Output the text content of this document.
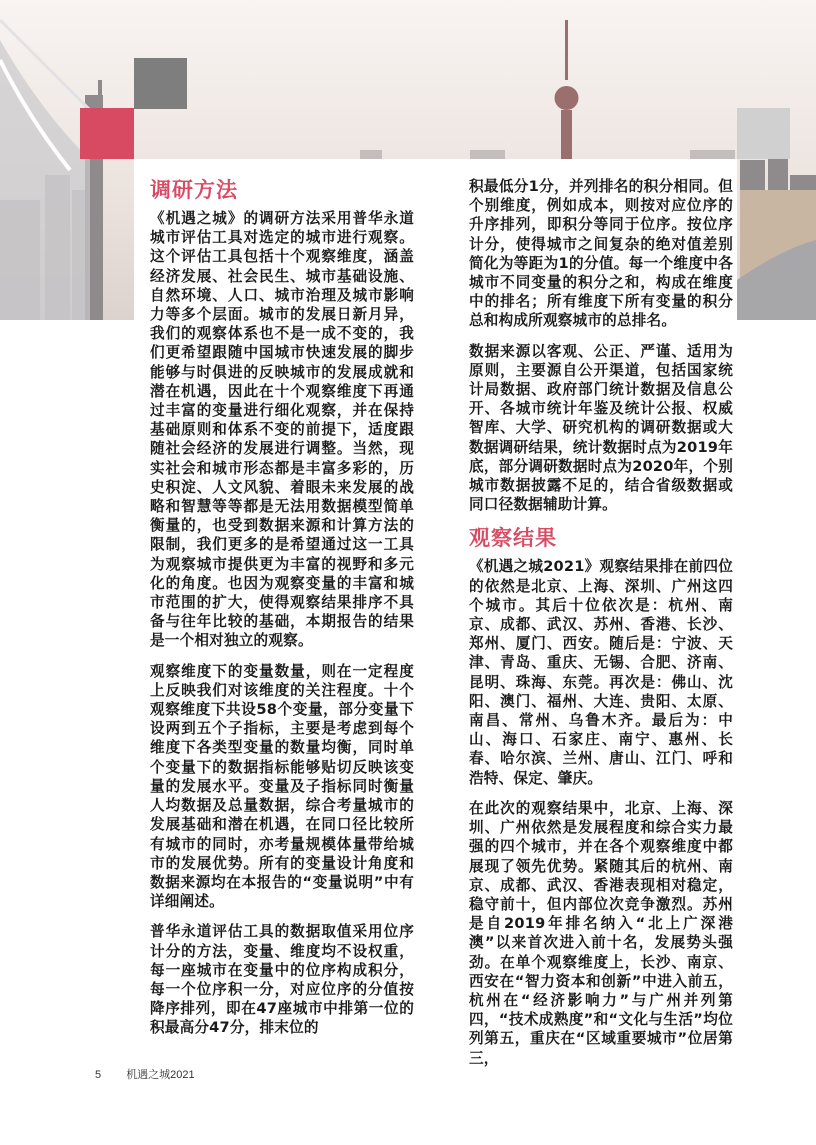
调研方法

《机遇之城》的调研方法采用普华永道城市评估工具对选定的城市进行观察。这个评估工具包括十个观察维度，涵盖经济发展、社会民生、城市基础设施、自然环境、人口、城市治理及城市影响力等多个层面。城市的发展日新月异，我们的观察体系也不是一成不变的，我们更希望跟随中国城市快速发展的脚步能够与时俱进的反映城市的发展成就和潜在机遇，因此在十个观察维度下再通过丰富的变量进行细化观察，并在保持基础原则和体系不变的前提下，适度跟随社会经济的发展进行调整。当然，现实社会和城市形态都是丰富多彩的，历史积淀、人文风貌、着眼未来发展的战略和智慧等等都是无法用数据模型简单衡量的，也受到数据来源和计算方法的限制，我们更多的是希望通过这一工具为观察城市提供更为丰富的视野和多元化的角度。也因为观察变量的丰富和城市范围的扩大，使得观察结果排序不具备与往年比较的基础，本期报告的结果是一个相对独立的观察。

观察维度下的变量数量，则在一定程度上反映我们对该维度的关注程度。十个观察维度下共设58个变量，部分变量下设两到五个子指标，主要是考虑到每个维度下各类型变量的数量均衡，同时单个变量下的数据指标能够贴切反映该变量的发展水平。变量及子指标同时衡量人均数据及总量数据，综合考量城市的发展基础和潜在机遇，在同口径比较所有城市的同时，亦考量规模体量带给城市的发展优势。所有的变量设计角度和数据来源均在本报告的“变量说明”中有详细阐述。

普华永道评估工具的数据取值采用位序计分的方法，变量、维度均不设权重，每一座城市在变量中的位序构成积分，每一个位序积一分，对应位序的分值按降序排列，即在47座城市中排第一位的积最高分47分，排末位的

积最低分1分，并列排名的积分相同。但个别维度，例如成本，则按对应位序的升序排列，即积分等同于位序。按位序计分，使得城市之间复杂的绝对值差别简化为等距为1的分值。每一个维度中各城市不同变量的积分之和，构成在维度中的排名；所有维度下所有变量的积分总和构成所观察城市的总排名。

数据来源以客观、公正、严谨、适用为原则，主要源自公开渠道，包括国家统计局数据、政府部门统计数据及信息公开、各城市统计年鉴及统计公报、权威智库、大学、研究机构的调研数据或大数据调研结果，统计数据时点为2019年底，部分调研数据时点为2020年，个别城市数据披露不足的，结合省级数据或同口径数据辅助计算。

观察结果

《机遇之城2021》观察结果排在前四位的依然是北京、上海、深圳、广州这四个城市。其后十位依次是：杭州、南京、成都、武汉、苏州、香港、长沙、郑州、厦门、西安。随后是：宁波、天津、青岛、重庆、无锡、合肥、济南、昆明、珠海、东莞。再次是：佛山、沈阳、澳门、福州、大连、贵阳、太原、南昌、常州、乌鲁木齐。最后为：中山、海口、石家庄、南宁、惠州、长春、哈尔滨、兰州、唐山、江门、呼和浩特、保定、肇庆。

在此次的观察结果中，北京、上海、深圳、广州依然是发展程度和综合实力最强的四个城市，并在各个观察维度中都展现了领先优势。紧随其后的杭州、南京、成都、武汉、香港表现相对稳定，稳守前十，但内部位次竞争激烈。苏州是自2019年排名纳入“北上广深港澳”以来首次进入前十名，发展势头强劲。在单个观察维度上，长沙、南京、西安在“智力资本和创新”中进入前五，杭州在“经济影响力”与广州并列第四，“技术成熟度”和“文化与生活”均位列第五，重庆在“区域重要城市”位居第三，

5 机遇之城2021
